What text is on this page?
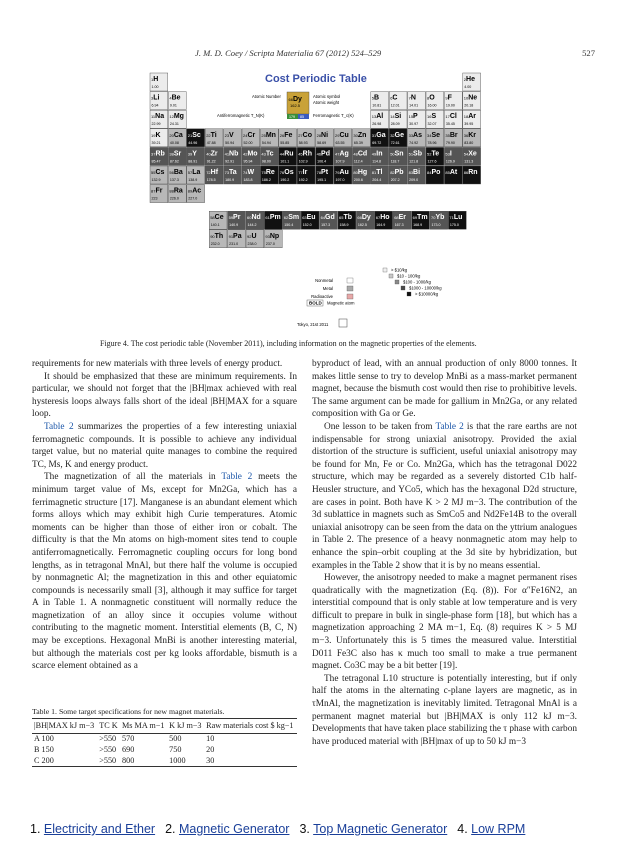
J. M. D. Coey / Scripta Materialia 67 (2012) 524–529	527
1H
1.00
2He
4.00
3Li
6.94
4Be
9.01
5B
10.81
6C
12.01
7N
14.01
8O
16.00
9F
19.00
10Ne
20.18
11Na
22.99
12Mg
24.31
13Al
26.98
14Si
28.09
15P
30.97
16S
32.07
17Cl
35.45
18Ar
39.95
19K
39.21
20Ca
40.08
21Sc
44.96
22Ti
47.88
23V
50.94
24Cr
52.00
25Mn
54.94
26Fe
55.85
27Co
58.93
28Ni
58.69
29Cu
63.55
30Zn
65.39
31Ga
69.72
32Ge
72.61
33As
74.92
34Se
78.96
35Br
79.90
36Kr
83.80
37Rb
85.47
38Sr
87.62
39Y
88.91
40Zr
91.22
41Nb
92.91
42Mo
95.94
43Tc
98.00
44Ru
101.1
45Rh
102.9
46Pd
106.4
47Ag
107.9
48Cd
112.4
49In
114.8
50Sn
118.7
51Sb
121.8
52Te
127.6
53I
126.9
54Xe
131.3
55Cs
132.9
56Ba
137.3
57La
138.9
72Hf
178.5
73Ta
180.9
74W
183.8
75Re
186.2
76Os
190.2
77Ir
192.2
78Pt
195.1
79Au
197.0
80Hg
200.6
81Tl
204.4
82Pb
207.2
83Bi
209.0
84Po 85At 86Rn
87Fr
223
88Ra
226.0
89Ac
227.0
58Ce
140.1
59Pr
140.9
60Nd
144.2
61Pm 62Sm
150.4
63Eu
152.0
64Gd
157.3
65Tb
158.9
66Dy
162.5
67Ho
164.9
68Er
167.3
69Tm
168.9
70Yb
173.0
71Lu
175.0
90Th
232.0
91Pa
231.0
92U
238.0
93Np
237.0
Cost Periodic Table
66Dy
162.5
179 85
Atomic Number	Atomic symbol
Atomic weight
Antiferromagnetic T_N(K)	Ferromagnetic T_c(K)
> $10/kg
$10 - 100/kg
$100 - 1000/kg
$1000 - 10000/kg
> $10000/kg
Nonmetal
Metal
Radioactive
BOLD Magnetic atom
Tokyo, 21st 2011
Figure 4. The cost periodic table (November 2011), including information on the magnetic properties of the elements.

requirements for new materials with three levels of energy product.

It should be emphasized that these are minimum requirements. In particular, we should not forget that the |BH|max achieved with real hysteresis loops always falls short of the ideal |BH|MAX for a square loop.

Table 2 summarizes the properties of a few interesting uniaxial ferromagnetic compounds. It is possible to achieve any individual target value, but no material quite manages to combine the required TC, Ms, K and energy product.

The magnetization of all the materials in Table 2 meets the minimum target value of Ms, except for Mn2Ga, which has a ferrimagnetic structure [17]. Manganese is an abundant element which forms alloys which may exhibit high Curie temperatures. Atomic moments can be higher than those of either iron or cobalt. The difficulty is that the Mn atoms on high-moment sites tend to couple antiferromagnetically. Ferromagnetic coupling occurs for long bond lengths, as in tetragonal MnAl, but there half the volume is occupied by nonmagnetic Al; the magnetization in this and other equiatomic compounds is necessarily small [3], although it may suffice for target A in Table 1. A nonmagnetic constituent will normally reduce the magnetization of an alloy since it occupies volume without contributing to the magnetic moment. Interstitial elements (B, C, N) may be exceptions. Hexagonal MnBi is another interesting material, but although the materials cost per kg looks affordable, bismuth is a scarce element obtained as a

byproduct of lead, with an annual production of only 8000 tonnes. It makes little sense to try to develop MnBi as a mass-market permanent magnet, because the bismuth cost would then rise to prohibitive levels. The same argument can be made for gallium in Mn2Ga, or any related composition with Ga or Ge.

One lesson to be taken from Table 2 is that the rare earths are not indispensable for strong uniaxial anisotropy. Provided the axial distortion of the structure is sufficient, useful uniaxial anisotropy may be found for Mn, Fe or Co. Mn2Ga, which has the tetragonal D022 structure, which may be regarded as a severely distorted C1b half-Heusler structure, and YCo5, which has the hexagonal D2d structure, are cases in point. Both have K > 2 MJ m−3. The contribution of the 3d sublattice in magnets such as SmCo5 and Nd2Fe14B to the overall uniaxial anisotropy can be seen from the data on the yttrium analogues in Table 2. The presence of a heavy nonmagnetic atom may help to enhance the spin–orbit coupling at the 3d site by hybridization, but examples in the Table 2 show that it is by no means essential.

However, the anisotropy needed to make a magnet permanent rises quadratically with the magnetization (Eq. (8)). For α″Fe16N2, an interstitial compound that is only stable at low temperature and is very difficult to prepare in bulk in single-phase form [18], but which has a magnetization approaching 2 MA m−1, Eq. (8) requires K > 5 MJ m−3. Unfortunately this is 5 times the measured value. Interstitial D011 Fe3C also has κ much too small to make a true permanent magnet. Co3C may be a bit better [19].

The tetragonal L10 structure is potentially interesting, but if only half the atoms in the alternating c-plane layers are magnetic, as in τMnAl, the magnetization is inevitably limited. Tetragonal MnAl is a permanent magnet material but |BH|MAX is only 112 kJ m−3. Developments that have taken place stabilizing the τ phase with carbon have produced material with |BH|max of up to 50 kJ m−3

Table 1. Some target specifications for new magnet materials.
|BH|MAX kJ m−3	TC K	Ms MA m−1	K kJ m−3	Raw materials cost $ kg−1
A 100	>550	570	500	10
B 150	>550	690	750	20
C 200	>550	800	1000	30
1. Electricity and Ether 2. Magnetic Generator 3. Top Magnetic Generator 4. Low RPM
